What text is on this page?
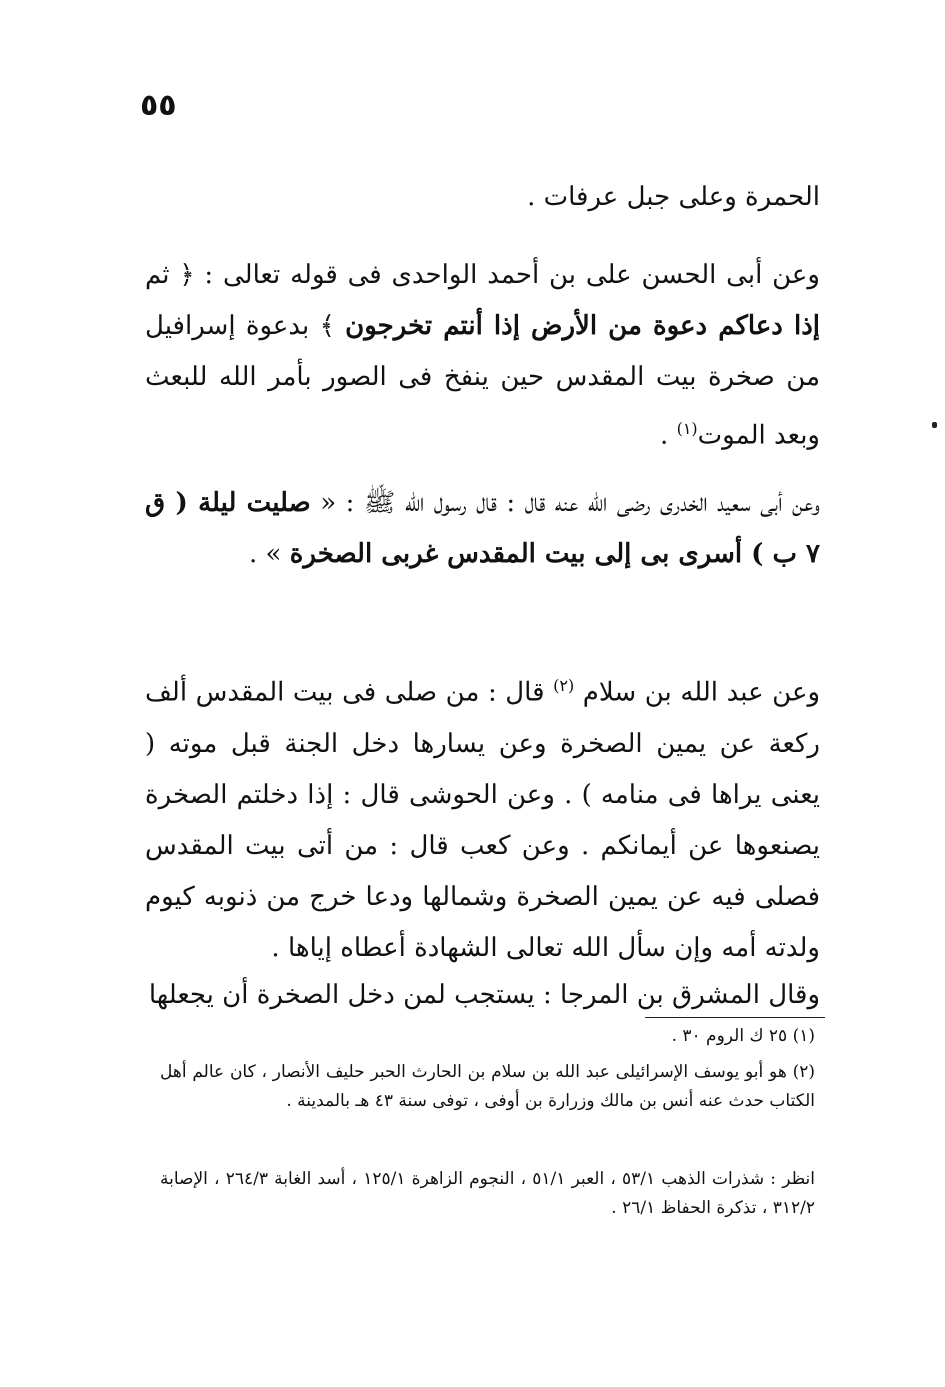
٥٥
الحمرة وعلى جبل عرفات .
وعن أبى الحسن على بن أحمد الواحدى فى قوله تعالى : ﴿ ثم إذا دعاكم دعوة من الأرض إذا أنتم تخرجون ﴾ بدعوة إسرافيل من صخرة بيت المقدس حين ينفخ فى الصور بأمر الله للبعث وبعد الموت$^{(١)}$ .
وعن أبى سعيد الخدرى رضى الله عنه قال : قال رسول الله ﷺ : « صليت ليلة ( ق ٧ ب ) أسرى بى إلى بيت المقدس غربى الصخرة » .
وعن عبد الله بن سلام $^{(٢)}$ قال : من صلى فى بيت المقدس ألف ركعة عن يمين الصخرة وعن يسارها دخل الجنة قبل موته ( يعنى يراها فى منامه ) . وعن الحوشى قال : إذا دخلتم الصخرة يصنعوها عن أيمانكم . وعن كعب قال : من أتى بيت المقدس فصلى فيه عن يمين الصخرة وشمالها ودعا خرج من ذنوبه كيوم ولدته أمه وإن سأل الله تعالى الشهادة أعطاه إياها .
وقال المشرق بن المرجا : يستجب لمن دخل الصخرة أن يجعلها
(١) ٢٥ ك الروم ٣٠ .
(٢) هو أبو يوسف الإسرائيلى عبد الله بن سلام بن الحارث الحبر حليف الأنصار ، كان عالم أهل الكتاب حدث عنه أنس بن مالك وزرارة بن أوفى ، توفى سنة ٤٣ هـ بالمدينة .
انظر : شذرات الذهب ٥٣/١ ، العبر ٥١/١ ، النجوم الزاهرة ١٢٥/١ ، أسد الغابة ٢٦٤/٣ ، الإصابة ٣١٢/٢ ، تذكرة الحفاظ ٢٦/١ .
